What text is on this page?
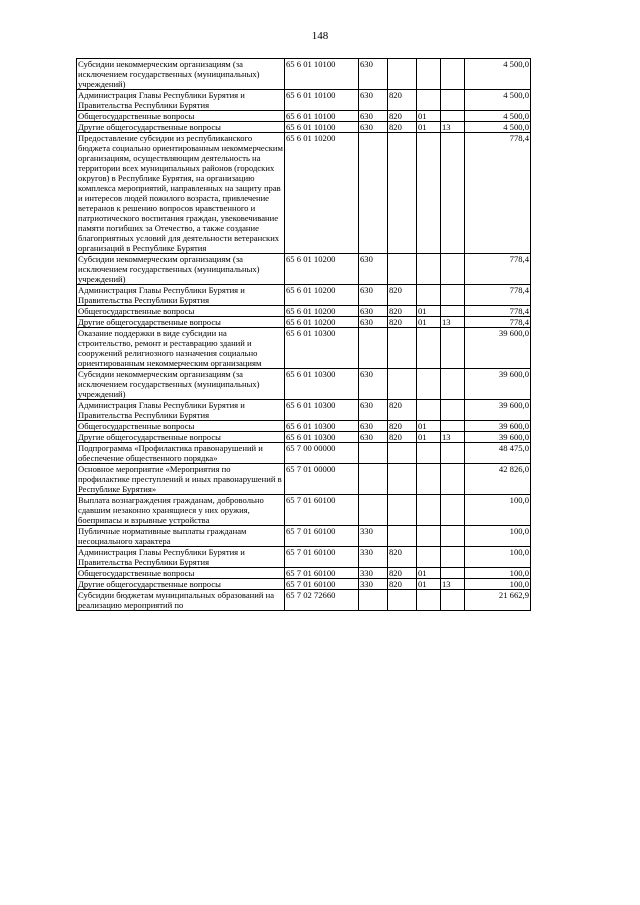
148
Субсидии некоммерческим организациям (за исключением государственных (муниципальных) учреждений)	65 6 01 10100	630				4 500,0
Администрация Главы Республики Бурятия и Правительства Республики Бурятия	65 6 01 10100	630	820			4 500,0
Общегосударственные вопросы	65 6 01 10100	630	820	01		4 500,0
Другие общегосударственные вопросы	65 6 01 10100	630	820	01	13	4 500,0
Предоставление субсидии из республиканского бюджета социально ориентированным некоммерческим организациям, осуществляющим деятельность на территории всех муниципальных районов (городских округов) в Республике Бурятия, на организацию комплекса мероприятий, направленных на защиту прав и интересов людей пожилого возраста, привлечение ветеранов к решению вопросов нравственного и патриотического воспитания граждан, увековечивание памяти погибших за Отечество, а также создание благоприятных условий для деятельности ветеранских организаций в Республике Бурятия	65 6 01 10200					778,4
Субсидии некоммерческим организациям (за исключением государственных (муниципальных) учреждений)	65 6 01 10200	630				778,4
Администрация Главы Республики Бурятия и Правительства Республики Бурятия	65 6 01 10200	630	820			778,4
Общегосударственные вопросы	65 6 01 10200	630	820	01		778,4
Другие общегосударственные вопросы	65 6 01 10200	630	820	01	13	778,4
Оказание поддержки в виде субсидии на строительство, ремонт и реставрацию зданий и сооружений религиозного назначения социально ориентированным некоммерческим организациям	65 6 01 10300					39 600,0
Субсидии некоммерческим организациям (за исключением государственных (муниципальных) учреждений)	65 6 01 10300	630				39 600,0
Администрация Главы Республики Бурятия и Правительства Республики Бурятия	65 6 01 10300	630	820			39 600,0
Общегосударственные вопросы	65 6 01 10300	630	820	01		39 600,0
Другие общегосударственные вопросы	65 6 01 10300	630	820	01	13	39 600,0
Подпрограмма «Профилактика правонарушений и обеспечение общественного порядка»	65 7 00 00000					48 475,0
Основное мероприятие «Мероприятия по профилактике преступлений и иных правонарушений в Республике Бурятия»	65 7 01 00000					42 826,0
Выплата вознаграждения гражданам, добровольно сдавшим незаконно хранящиеся у них оружия, боеприпасы и взрывные устройства	65 7 01 60100					100,0
Публичные нормативные выплаты гражданам несоциального характера	65 7 01 60100	330				100,0
Администрация Главы Республики Бурятия и Правительства Республики Бурятия	65 7 01 60100	330	820			100,0
Общегосударственные вопросы	65 7 01 60100	330	820	01		100,0
Другие общегосударственные вопросы	65 7 01 60100	330	820	01	13	100,0
Субсидии бюджетам муниципальных образований на реализацию мероприятий по	65 7 02 72660					21 662,9
